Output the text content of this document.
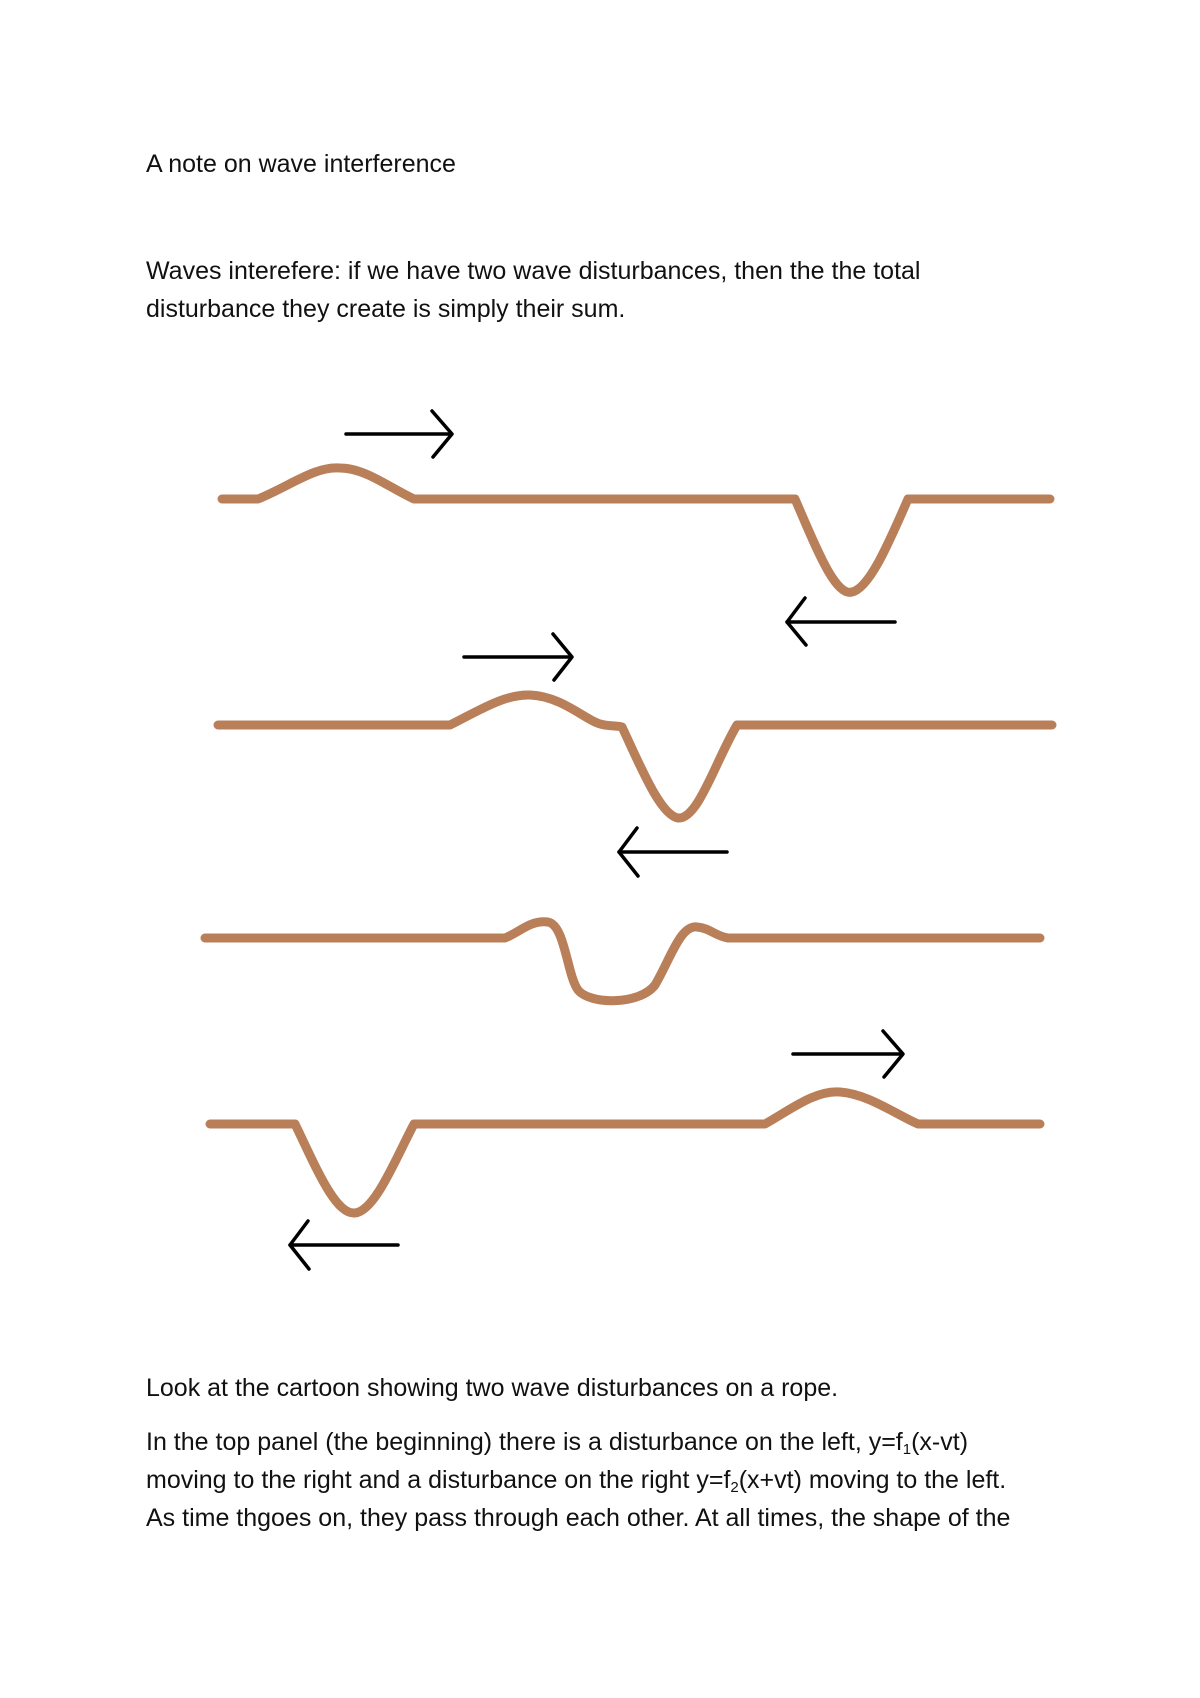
A note on wave interference
Waves interefere: if we have two wave disturbances, then the the total
disturbance they create is simply their sum.
Look at the cartoon showing two wave disturbances on a rope.
In the top panel (the beginning) there is a disturbance on the left, $y=f_1(x-vt)$
moving to the right and a disturbance on the right $y=f_2(x+vt)$ moving to the left.
As time thgoes on, they pass through each other. At all times, the shape of the
